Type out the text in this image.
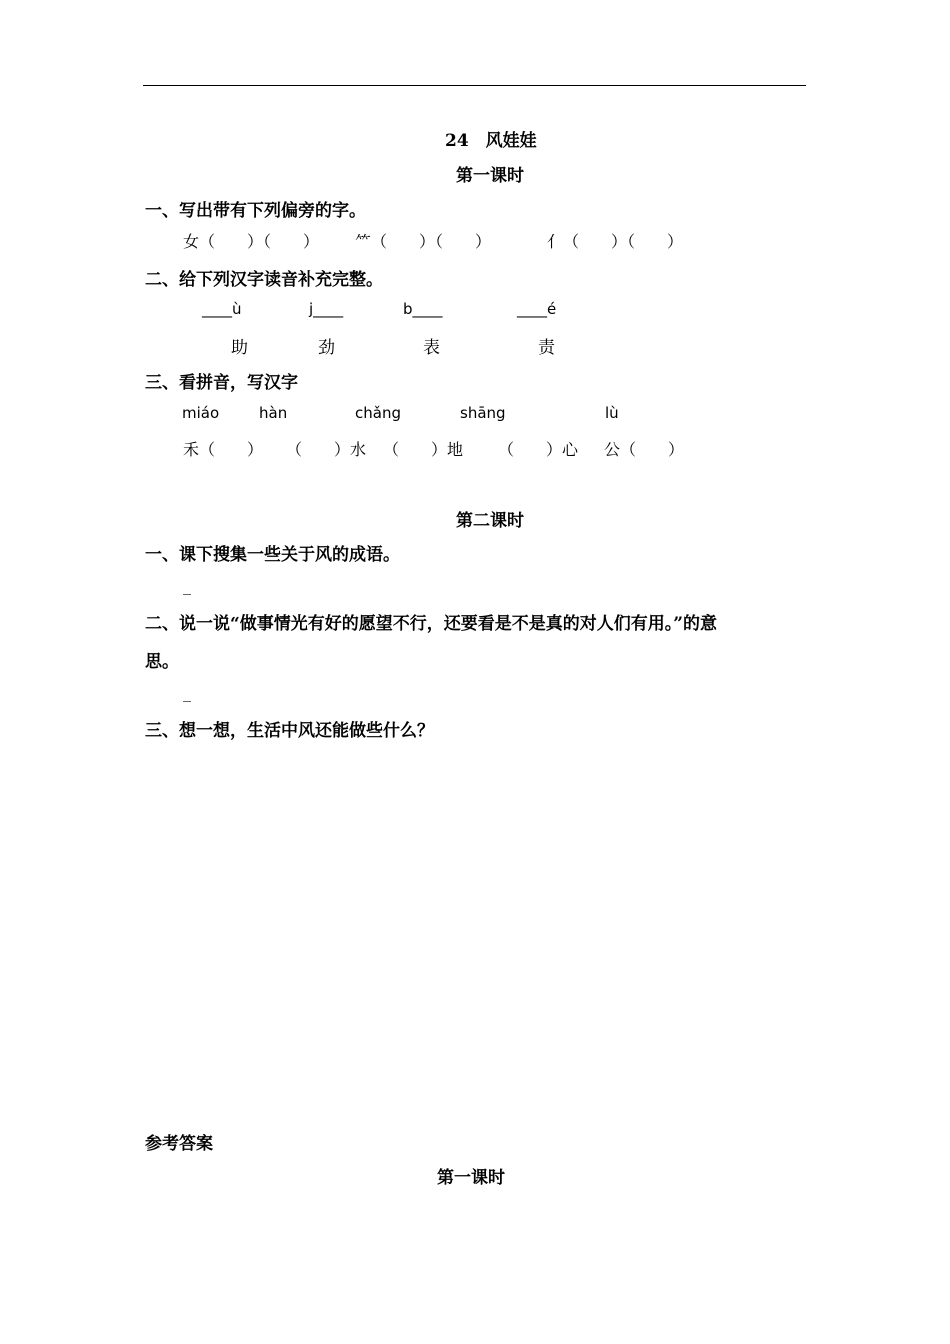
24　风娃娃
第一课时
一、写出带有下列偏旁的字。
女（　　）（　　） ⺮（　　）（　　）	亻（　　）（　　）
二、给下列汉字读音补充完整。
____ù	j____	b____	____é
助	劲	表	责
三、看拼音，写汉字
miáo	hàn	chǎng	shāng	lù
禾（　　） （　　）水 （　　）地 （　　）心 公（　　）
第二课时
一、课下搜集一些关于风的成语。
_
二、说一说“做事情光有好的愿望不行，还要看是不是真的对人们有用。”的意
思。
_
三、想一想，生活中风还能做些什么？
参考答案
第一课时
